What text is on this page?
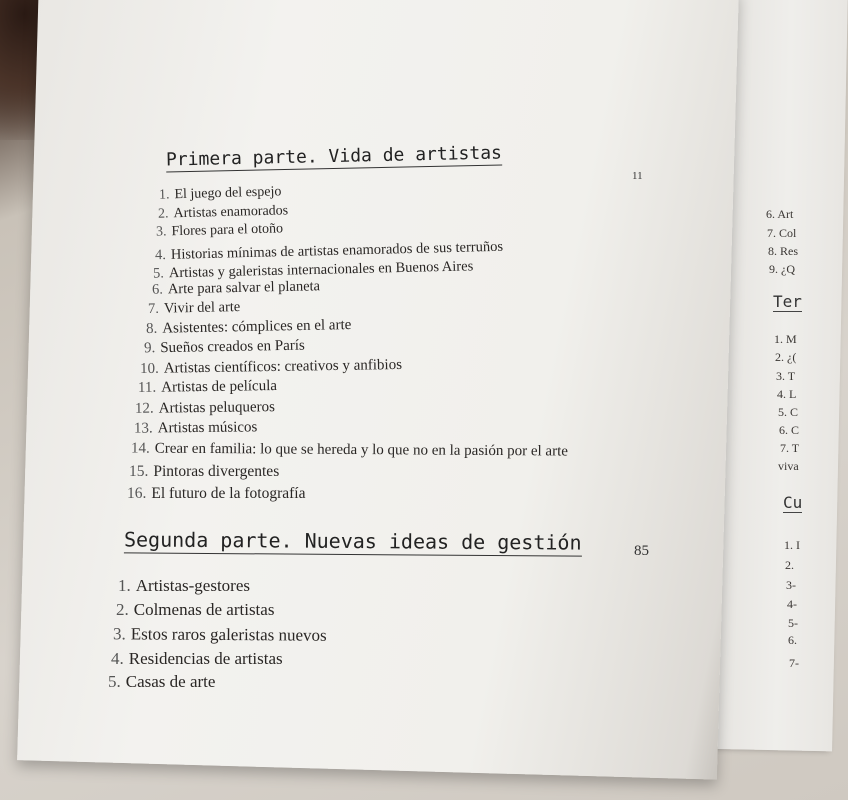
6. Art
7. Col
8. Res
9. ¿Q
Ter
1. M
2. ¿(
3. T
4. L
5. C
6. C
7. T
viva
Cu
1. I
2.
3-
4-
5-
6.
7-
Primera parte. Vida de artistas
11
1. El juego del espejo
2. Artistas enamorados
3. Flores para el otoño
4. Historias mínimas de artistas enamorados de sus terruños
5. Artistas y galeristas internacionales en Buenos Aires
6. Arte para salvar el planeta
7. Vivir del arte
8. Asistentes: cómplices en el arte
9. Sueños creados en París
10. Artistas científicos: creativos y anfibios
11. Artistas de película
12. Artistas peluqueros
13. Artistas músicos
14. Crear en familia: lo que se hereda y lo que no en la pasión por el arte
15. Pintoras divergentes
16. El futuro de la fotografía
Segunda parte. Nuevas ideas de gestión	85
1. Artistas-gestores
2. Colmenas de artistas
3. Estos raros galeristas nuevos
4. Residencias de artistas
5. Casas de arte
